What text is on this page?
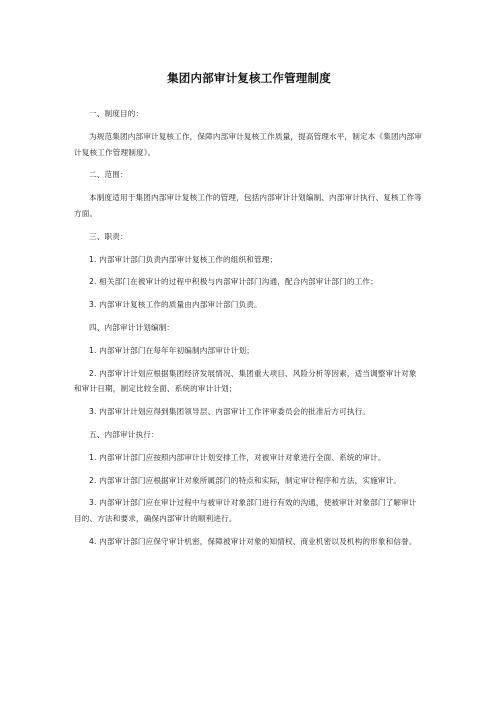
集团内部审计复核工作管理制度
一、制度目的：
为规范集团内部审计复核工作，保障内部审计复核工作质量，提高管理水平，制定本《集团内部审计复核工作管理制度》。
二、范围：
本制度适用于集团内部审计复核工作的管理，包括内部审计计划编制、内部审计执行、复核工作等方面。
三、职责：
1. 内部审计部门负责内部审计复核工作的组织和管理；
2. 相关部门在被审计的过程中积极与内部审计部门沟通，配合内部审计部门的工作；
3. 内部审计复核工作的质量由内部审计部门负责。
四、内部审计计划编制：
1. 内部审计部门在每年年初编制内部审计计划；
2. 内部审计计划应根据集团经济发展情况、集团重大项目、风险分析等因素，适当调整审计对象和审计日期，制定比较全面、系统的审计计划；
3. 内部审计计划应得到集团领导层、内部审计工作评审委员会的批准后方可执行。
五、内部审计执行：
1. 内部审计部门应按照内部审计计划安排工作，对被审计对象进行全面、系统的审计。
2. 内部审计部门应根据审计对象所属部门的特点和实际，制定审计程序和方法，实施审计。
3. 内部审计部门应在审计过程中与被审计对象部门进行有效的沟通，使被审计对象部门了解审计目的、方法和要求，确保内部审计的顺利进行。
4. 内部审计部门应保守审计机密，保障被审计对象的知情权、商业机密以及机构的形象和信誉。
